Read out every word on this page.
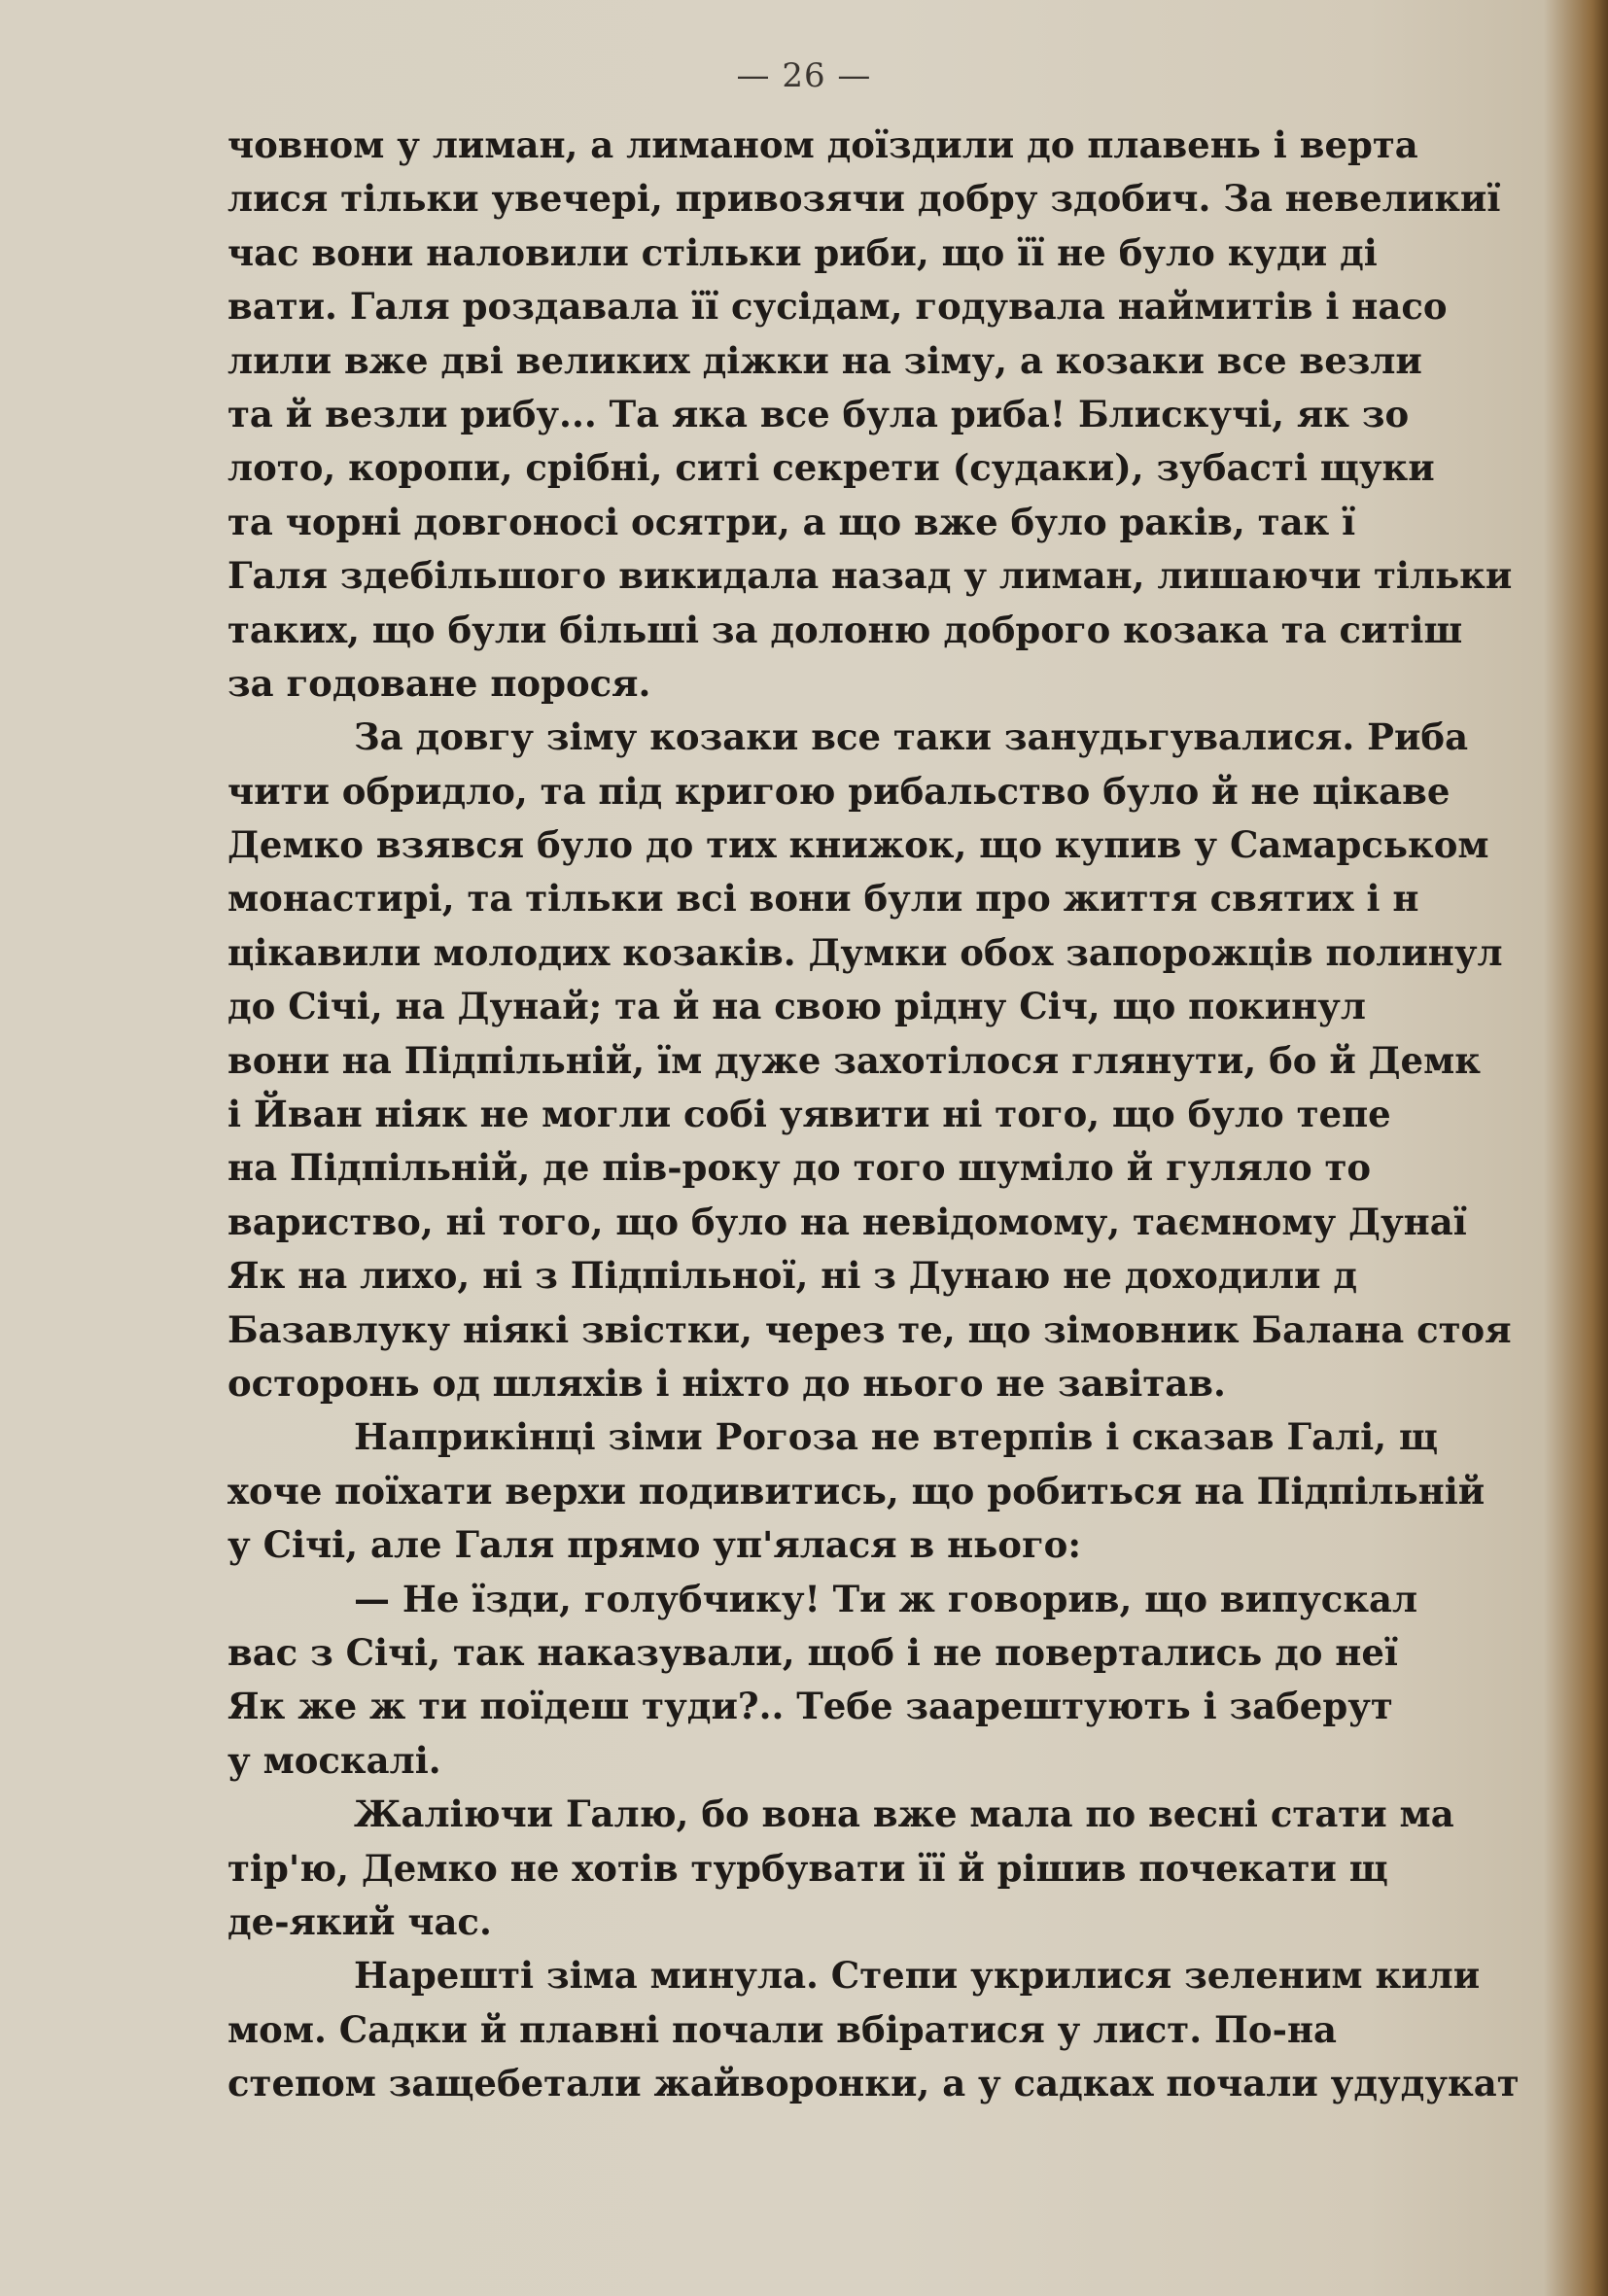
— 26 —
човном у лиман, а лиманом доїздили до плавень і верта
лися тільки увечері, привозячи добру здобич. За невеликиї
час вони наловили стільки риби, що її не було куди ді
вати. Галя роздавала її сусідам, годувала наймитів і насо
лили вже дві великих діжки на зіму, а козаки все везли
та й везли рибу... Та яка все була риба! Блискучі, як зо
лото, коропи, срібні, ситі секрети (судаки), зубасті щуки
та чорні довгоносі осятри, а що вже було раків, так ї
Галя здебільшого викидала назад у лиман, лишаючи тільки
таких, що були більші за долоню доброго козака та ситіш
за годоване порося.
За довгу зіму козаки все таки занудьгувалися. Риба
чити обридло, та під кригою рибальство було й не цікаве
Демко взявся було до тих книжок, що купив у Самарськом
монастирі, та тільки всі вони були про життя святих і н
цікавили молодих козаків. Думки обох запорожців полинул
до Січі, на Дунай; та й на свою рідну Січ, що покинул
вони на Підпільній, їм дуже захотілося глянути, бо й Демк
і Йван ніяк не могли собі уявити ні того, що було тепе
на Підпільній, де пів-року до того шуміло й гуляло то
вариство, ні того, що було на невідомому, таємному Дунаї
Як на лихо, ні з Підпільної, ні з Дунаю не доходили д
Базавлуку ніякі звістки, через те, що зімовник Балана стоя
осторонь од шляхів і ніхто до нього не завітав.
Наприкінці зіми Рогоза не втерпів і сказав Галі, щ
хоче поїхати верхи подивитись, що робиться на Підпільній
у Січі, але Галя прямо уп'ялася в нього:
— Не їзди, голубчику! Ти ж говорив, що випускал
вас з Січі, так наказували, щоб і не повертались до неї
Як же ж ти поїдеш туди?.. Тебе заарештують і заберут
у москалі.
Жаліючи Галю, бо вона вже мала по весні стати ма
тір'ю, Демко не хотів турбувати її й рішив почекати щ
де-який час.
Нарешті зіма минула. Степи укрилися зеленим кили
мом. Садки й плавні почали вбіратися у лист. По-на
степом защебетали жайворонки, а у садках почали удудукат
